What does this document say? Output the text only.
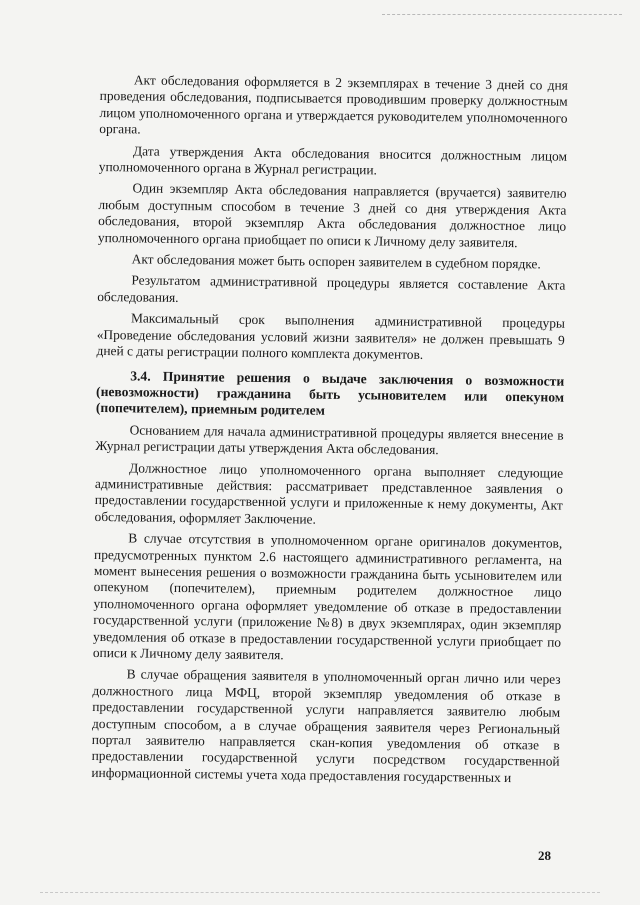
Акт обследования оформляется в 2 экземплярах в течение 3 дней со дня проведения обследования, подписывается проводившим проверку должностным лицом уполномоченного органа и утверждается руководителем уполномоченного органа.

Дата утверждения Акта обследования вносится должностным лицом уполномоченного органа в Журнал регистрации.

Один экземпляр Акта обследования направляется (вручается) заявителю любым доступным способом в течение 3 дней со дня утверждения Акта обследования, второй экземпляр Акта обследования должностное лицо уполномоченного органа приобщает по описи к Личному делу заявителя.

Акт обследования может быть оспорен заявителем в судебном порядке.

Результатом административной процедуры является составление Акта обследования.

Максимальный срок выполнения административной процедуры «Проведение обследования условий жизни заявителя» не должен превышать 9 дней с даты регистрации полного комплекта документов.

3.4. Принятие решения о выдаче заключения о возможности (невозможности) гражданина быть усыновителем или опекуном (попечителем), приемным родителем

Основанием для начала административной процедуры является внесение в Журнал регистрации даты утверждения Акта обследования.

Должностное лицо уполномоченного органа выполняет следующие административные действия: рассматривает представленное заявления о предоставлении государственной услуги и приложенные к нему документы, Акт обследования, оформляет Заключение.

В случае отсутствия в уполномоченном органе оригиналов документов, предусмотренных пунктом 2.6 настоящего административного регламента, на момент вынесения решения о возможности гражданина быть усыновителем или опекуном (попечителем), приемным родителем должностное лицо уполномоченного органа оформляет уведомление об отказе в предоставлении государственной услуги (приложение №8) в двух экземплярах, один экземпляр уведомления об отказе в предоставлении государственной услуги приобщает по описи к Личному делу заявителя.

В случае обращения заявителя в уполномоченный орган лично или через должностного лица МФЦ, второй экземпляр уведомления об отказе в предоставлении государственной услуги направляется заявителю любым доступным способом, а в случае обращения заявителя через Региональный портал заявителю направляется скан-копия уведомления об отказе в предоставлении государственной услуги посредством государственной информационной системы учета хода предоставления государственных и

28
